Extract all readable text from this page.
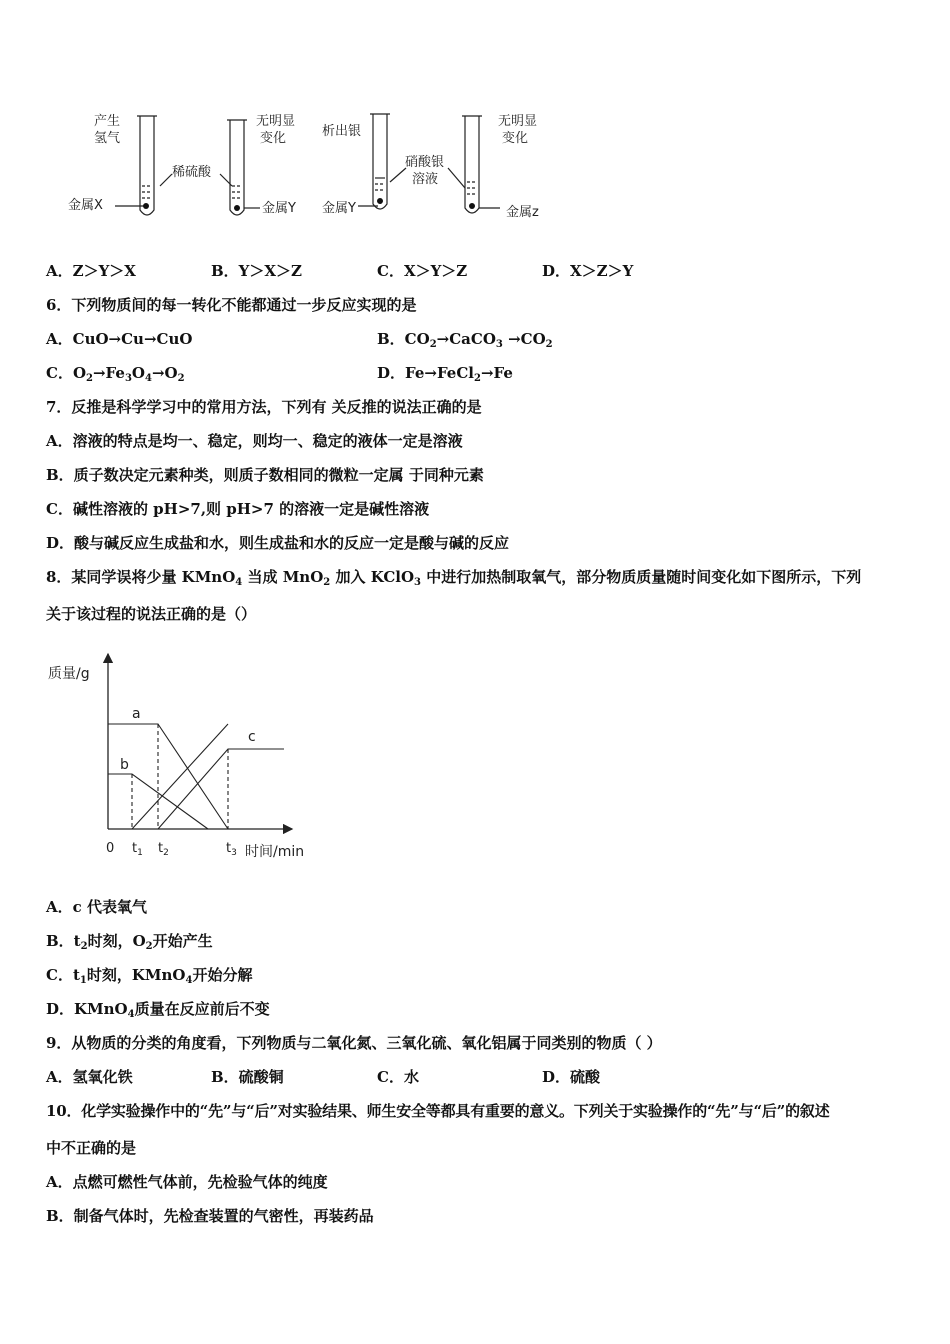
产生
氢气
无明显
变化
稀硫酸
金属X	金属Y
析出银
无明显
变化
硝酸银
溶液
金属Y	金属z
A．Z＞Y＞X	B．Y＞X＞Z	C．X＞Y＞Z	D．X＞Z＞Y
6．下列物质间的每一转化不能都通过一步反应实现的是
A．CuO→Cu→CuO	B．$CO_2\to CaCO_3 \to CO_2$
C．$O_2\to Fe_3O_4\to O_2$	D．Fe→FeCl$_2$→Fe
7．反推是科学学习中的常用方法，下列有 关反推的说法正确的是
A．溶液的特点是均一、稳定，则均一、稳定的液体一定是溶液
B．质子数决定元素种类，则质子数相同的微粒一定属 于同种元素
C．碱性溶液的 pH>7,则 pH>7 的溶液一定是碱性溶液
D．酸与碱反应生成盐和水，则生成盐和水的反应一定是酸与碱的反应
8．某同学误将少量 KMnO$_4$ 当成 MnO$_2$ 加入 KClO$_3$ 中进行加热制取氧气，部分物质质量随时间变化如下图所示，下列
关于该过程的说法正确的是（）
质量/g
时间/min
a
b
c
0 $t_1$ $t_2$	$t_3$
A．c 代表氧气
B．$t_2$时刻，$O_2$开始产生
C．$t_1$时刻，KMnO$_4$开始分解
D．KMnO$_4$质量在反应前后不变
9．从物质的分类的角度看，下列物质与二氧化氮、三氧化硫、氧化铝属于同类别的物质（ ）
A．氢氧化铁	B．硫酸铜	C．水	D．硫酸
10．化学实验操作中的“先”与“后”对实验结果、师生安全等都具有重要的意义。下列关于实验操作的“先”与“后”的叙述
中不正确的是
A．点燃可燃性气体前，先检验气体的纯度
B．制备气体时，先检查装置的气密性，再装药品
